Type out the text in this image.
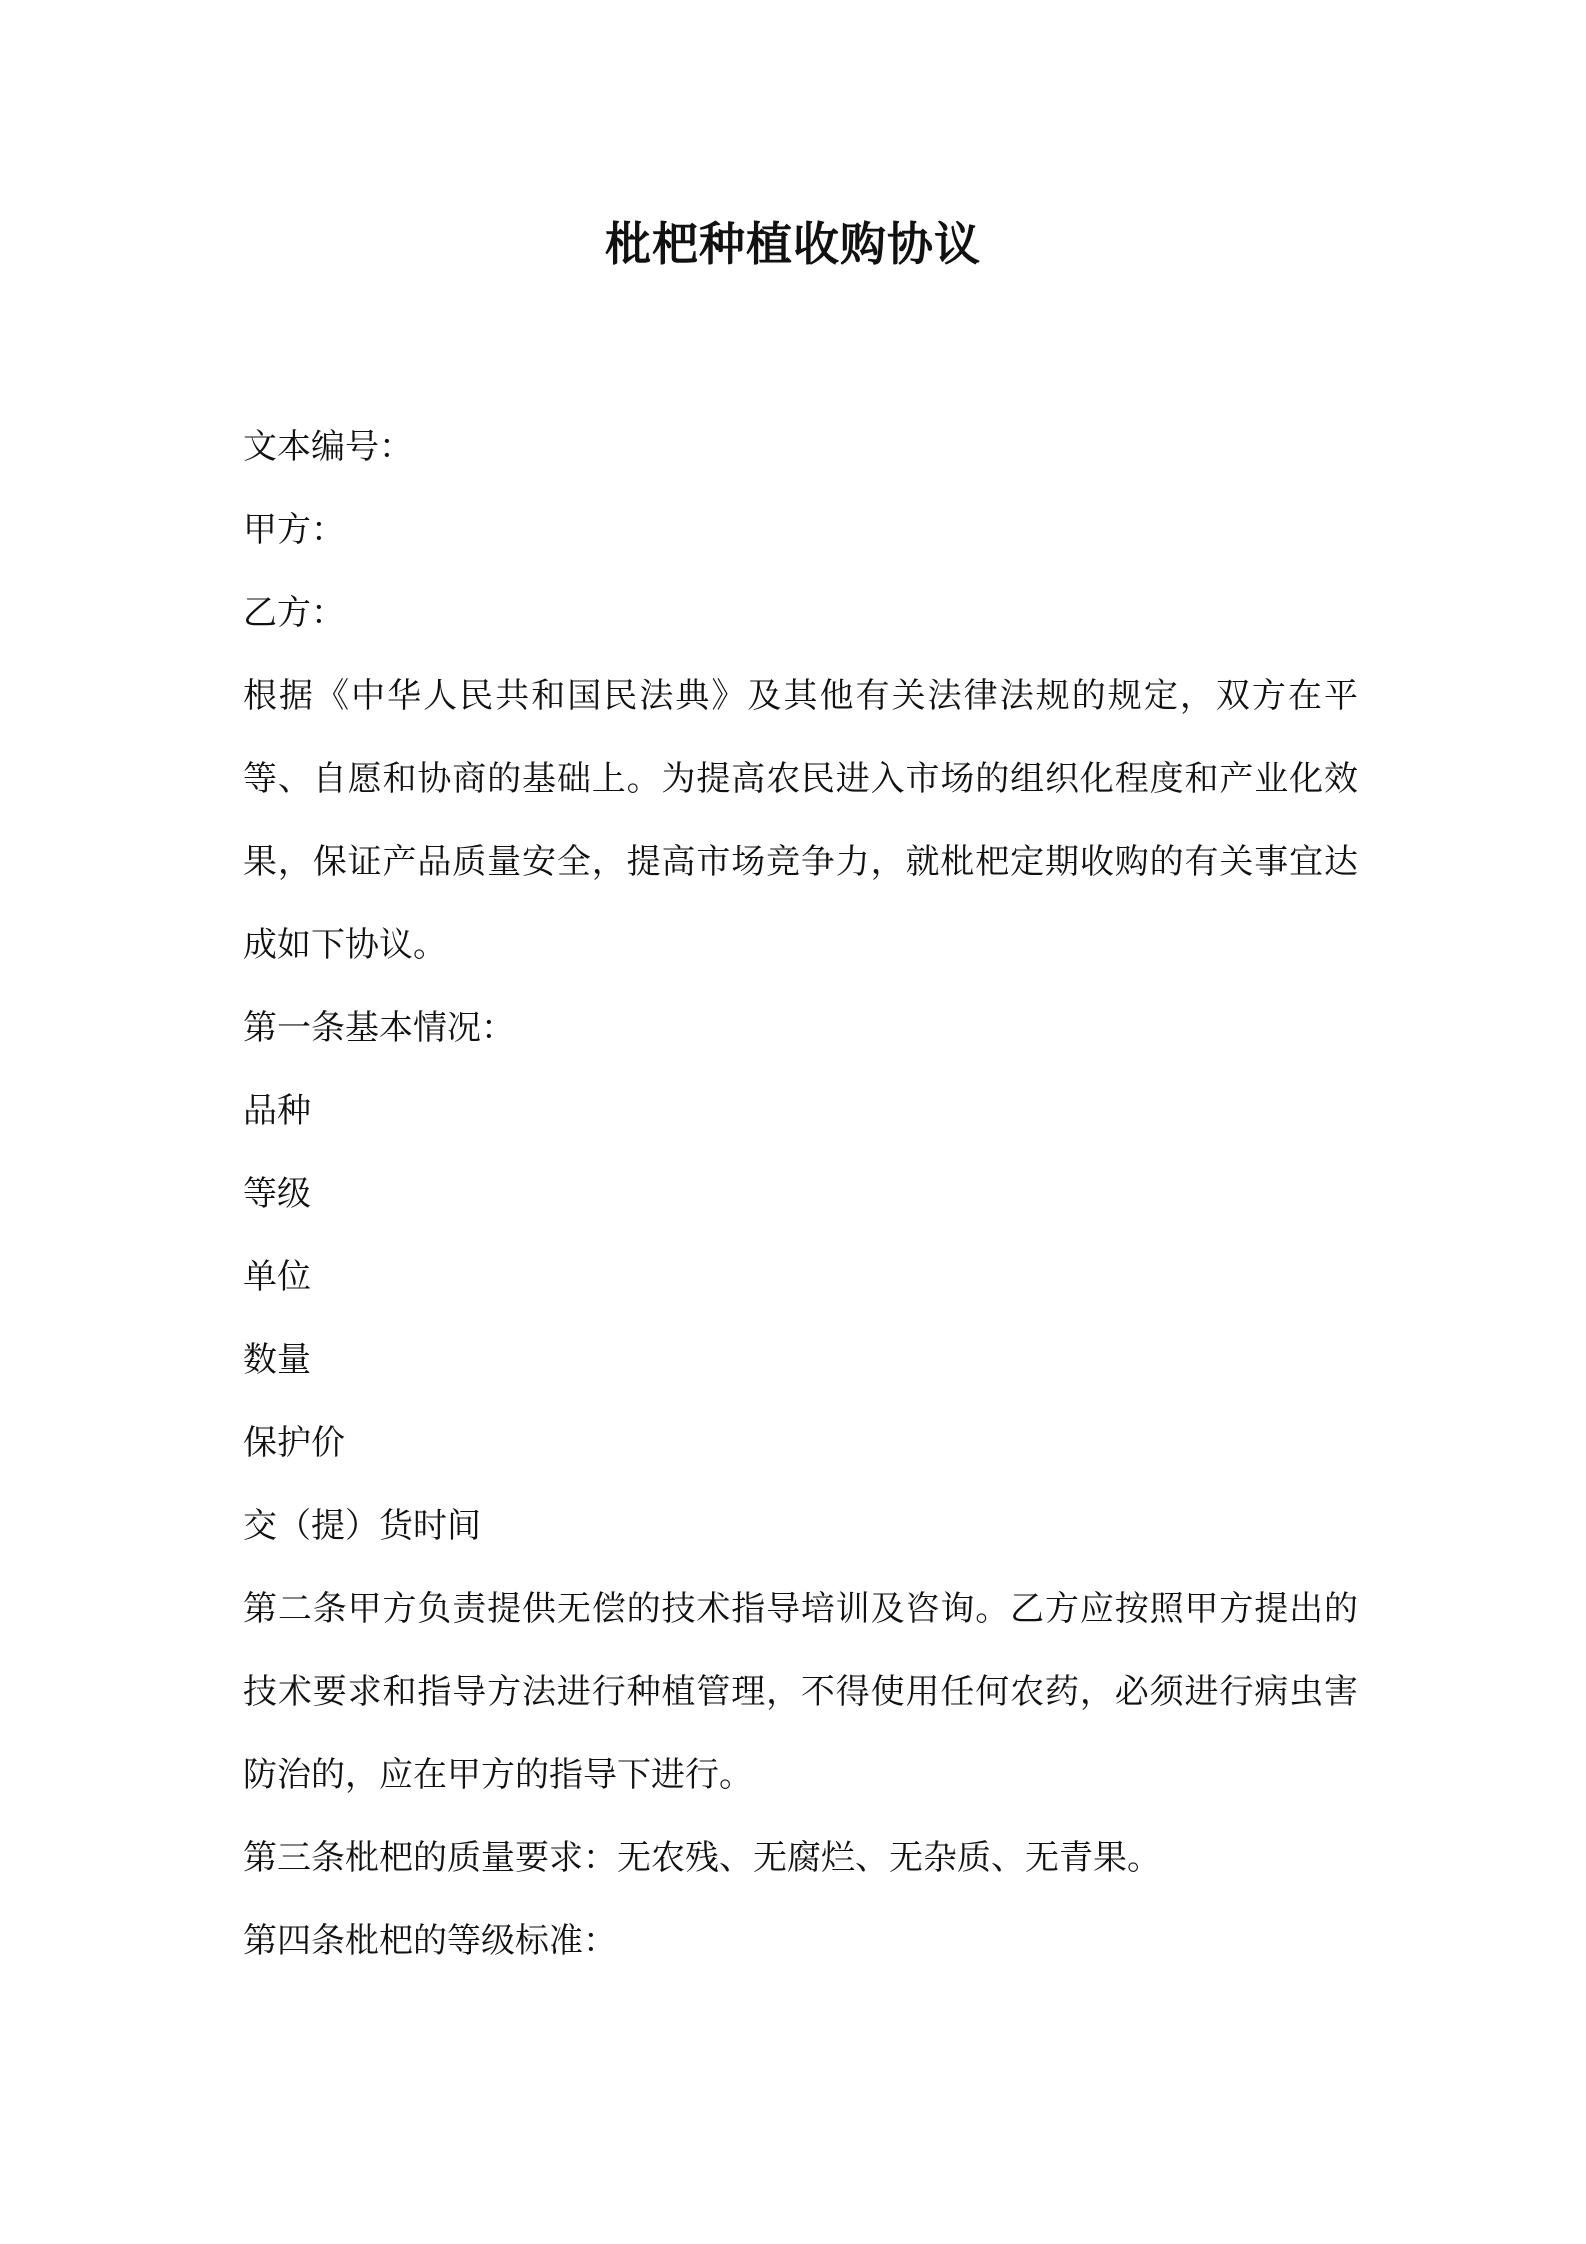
枇杷种植收购协议
文本编号：
甲方：
乙方：

根据《中华人民共和国民法典》及其他有关法律法规的规定，双方在平等、自愿和协商的基础上。为提高农民进入市场的组织化程度和产业化效果，保证产品质量安全，提高市场竞争力，就枇杷定期收购的有关事宜达成如下协议。

第一条基本情况：
品种
等级
单位
数量
保护价
交（提）货时间

第二条甲方负责提供无偿的技术指导培训及咨询。乙方应按照甲方提出的技术要求和指导方法进行种植管理，不得使用任何农药，必须进行病虫害防治的，应在甲方的指导下进行。

第三条枇杷的质量要求：无农残、无腐烂、无杂质、无青果。
第四条枇杷的等级标准：
